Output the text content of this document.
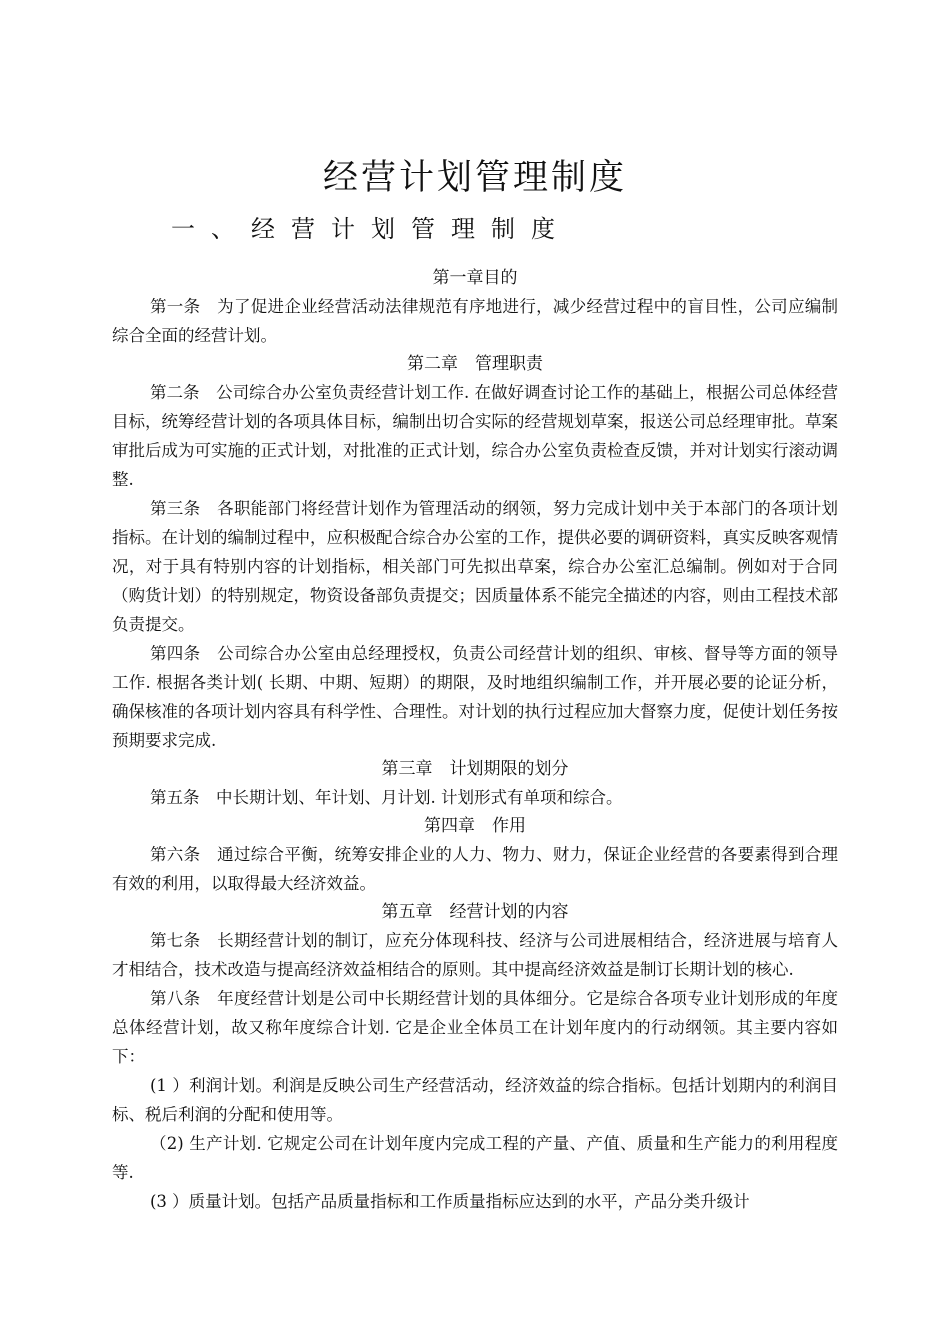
经营计划管理制度
一、经营计划管理制度
第一章目的

第一条　 为了促进企业经营活动法律规范有序地进行，减少经营过程中的盲目性，公司应编制综合全面的经营计划。

第二章　管理职责

第二条　 公司综合办公室负责经营计划工作. 在做好调查讨论工作的基础上，根据公司总体经营目标，统筹经营计划的各项具体目标，编制出切合实际的经营规划草案，报送公司总经理审批。草案审批后成为可实施的正式计划，对批准的正式计划，综合办公室负责检查反馈，并对计划实行滚动调整.

第三条　 各职能部门将经营计划作为管理活动的纲领，努力完成计划中关于本部门的各项计划指标。在计划的编制过程中，应积极配合综合办公室的工作，提供必要的调研资料，真实反映客观情况，对于具有特别内容的计划指标，相关部门可先拟出草案，综合办公室汇总编制。例如对于合同（购货计划）的特别规定，物资设备部负责提交；因质量体系不能完全描述的内容，则由工程技术部负责提交。

第四条　 公司综合办公室由总经理授权，负责公司经营计划的组织、审核、督导等方面的领导工作. 根据各类计划( 长期、中期、短期）的期限，及时地组织编制工作，并开展必要的论证分析，确保核准的各项计划内容具有科学性、合理性。对计划的执行过程应加大督察力度，促使计划任务按预期要求完成.

第三章　计划期限的划分

第五条　 中长期计划、年计划、月计划. 计划形式有单项和综合。

第四章　作用

第六条　 通过综合平衡，统筹安排企业的人力、物力、财力，保证企业经营的各要素得到合理有效的利用，以取得最大经济效益。

第五章　经营计划的内容

第七条　 长期经营计划的制订，应充分体现科技、经济与公司进展相结合，经济进展与培育人才相结合，技术改造与提高经济效益相结合的原则。其中提高经济效益是制订长期计划的核心.

第八条　 年度经营计划是公司中长期经营计划的具体细分。它是综合各项专业计划形成的年度总体经营计划，故又称年度综合计划. 它是企业全体员工在计划年度内的行动纲领。其主要内容如下：

(1 ）利润计划。利润是反映公司生产经营活动，经济效益的综合指标。包括计划期内的利润目标、税后利润的分配和使用等。

（2) 生产计划. 它规定公司在计划年度内完成工程的产量、产值、质量和生产能力的利用程度等.

(3 ）质量计划。包括产品质量指标和工作质量指标应达到的水平，产品分类升级计
